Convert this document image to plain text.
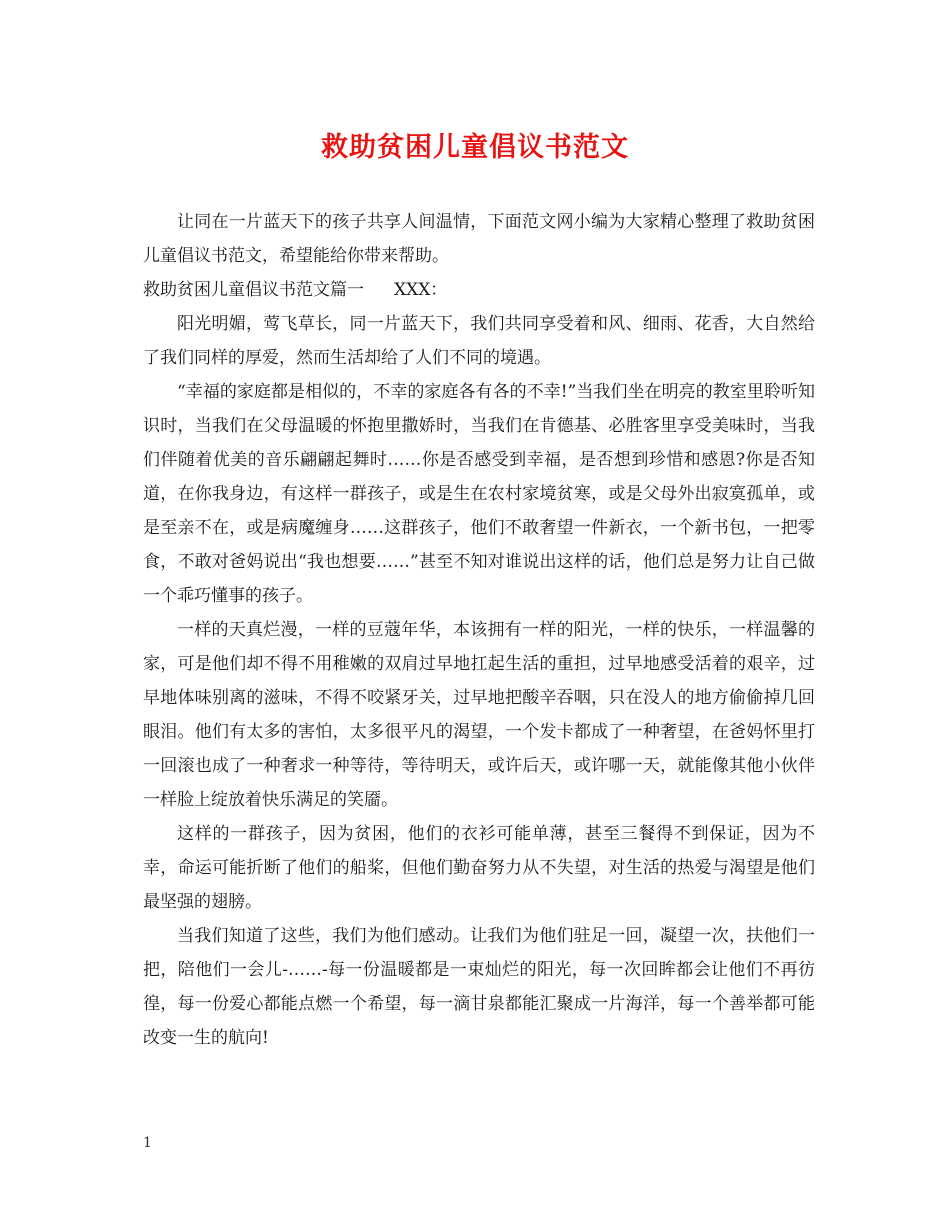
救助贫困儿童倡议书范文

让同在一片蓝天下的孩子共享人间温情，下面范文网小编为大家精心整理了救助贫困儿童倡议书范文，希望能给你带来帮助。

救助贫困儿童倡议书范文篇一 XXX：

阳光明媚，莺飞草长，同一片蓝天下，我们共同享受着和风、细雨、花香，大自然给了我们同样的厚爱，然而生活却给了人们不同的境遇。

“幸福的家庭都是相似的，不幸的家庭各有各的不幸!”当我们坐在明亮的教室里聆听知识时，当我们在父母温暖的怀抱里撒娇时，当我们在肯德基、必胜客里享受美味时，当我们伴随着优美的音乐翩翩起舞时……你是否感受到幸福，是否想到珍惜和感恩?你是否知道，在你我身边，有这样一群孩子，或是生在农村家境贫寒，或是父母外出寂寞孤单，或是至亲不在，或是病魔缠身……这群孩子，他们不敢奢望一件新衣，一个新书包，一把零食，不敢对爸妈说出“我也想要……”甚至不知对谁说出这样的话，他们总是努力让自己做一个乖巧懂事的孩子。

一样的天真烂漫，一样的豆蔻年华，本该拥有一样的阳光，一样的快乐，一样温馨的家，可是他们却不得不用稚嫩的双肩过早地扛起生活的重担，过早地感受活着的艰辛，过早地体味别离的滋味，不得不咬紧牙关，过早地把酸辛吞咽，只在没人的地方偷偷掉几回眼泪。他们有太多的害怕，太多很平凡的渴望，一个发卡都成了一种奢望，在爸妈怀里打一回滚也成了一种奢求一种等待，等待明天，或许后天，或许哪一天，就能像其他小伙伴一样脸上绽放着快乐满足的笑靥。

这样的一群孩子，因为贫困，他们的衣衫可能单薄，甚至三餐得不到保证，因为不幸，命运可能折断了他们的船桨，但他们勤奋努力从不失望，对生活的热爱与渴望是他们最坚强的翅膀。

当我们知道了这些，我们为他们感动。让我们为他们驻足一回，凝望一次，扶他们一把，陪他们一会儿-……-每一份温暖都是一束灿烂的阳光，每一次回眸都会让他们不再彷徨，每一份爱心都能点燃一个希望，每一滴甘泉都能汇聚成一片海洋，每一个善举都可能改变一生的航向!

1
